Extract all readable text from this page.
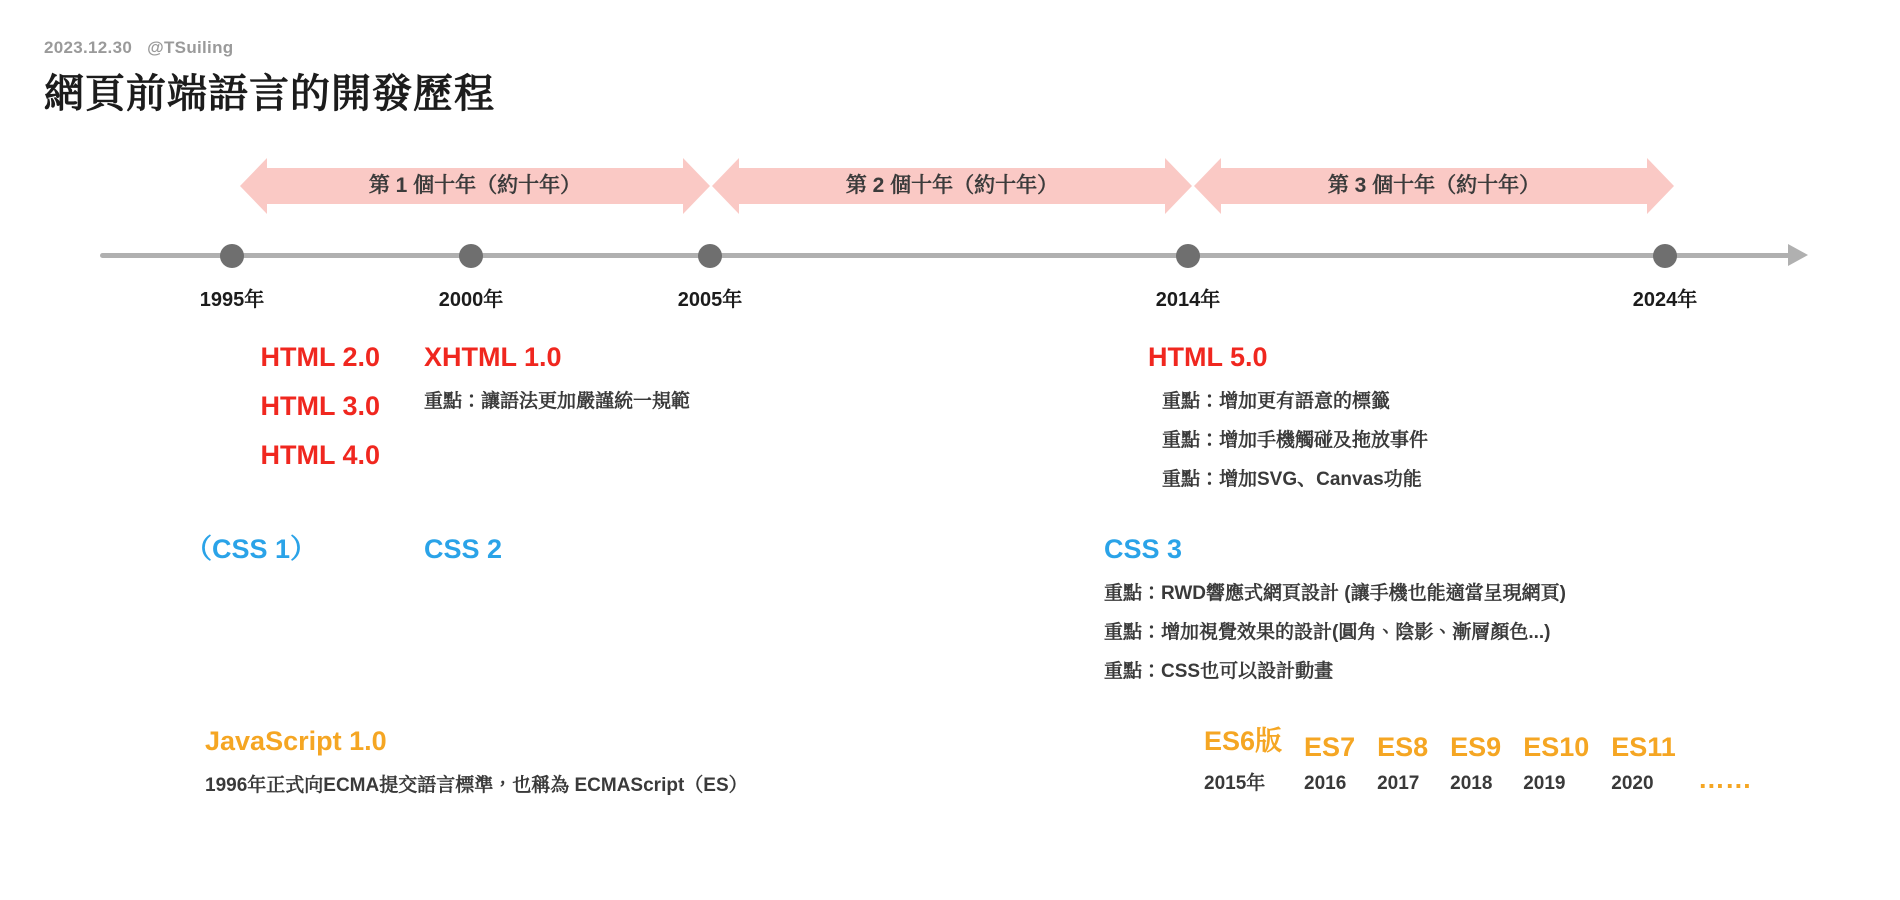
2023.12.30 @TSuiling
網頁前端語言的開發歷程
第 1 個十年（約十年）	第 2 個十年（約十年）	第 3 個十年（約十年）
1995年	2000年	2005年	2014年	2024年
HTML 2.0
HTML 3.0
HTML 4.0
XHTML 1.0
重點：讓語法更加嚴謹統一規範
HTML 5.0
重點：增加更有語意的標籤
重點：增加手機觸碰及拖放事件
重點：增加SVG、Canvas功能
（CSS 1）	CSS 2	CSS 3
重點：RWD響應式網頁設計 (讓手機也能適當呈現網頁)
重點：增加視覺效果的設計(圓角、陰影、漸層顏色...)
重點：CSS也可以設計動畫
JavaScript 1.0
1996年正式向ECMA提交語言標準，也稱為 ECMAScript（ES）
ES6版
2015年
ES7
2016
ES8
2017
ES9
2018
ES10
2019
ES11
2020	……
